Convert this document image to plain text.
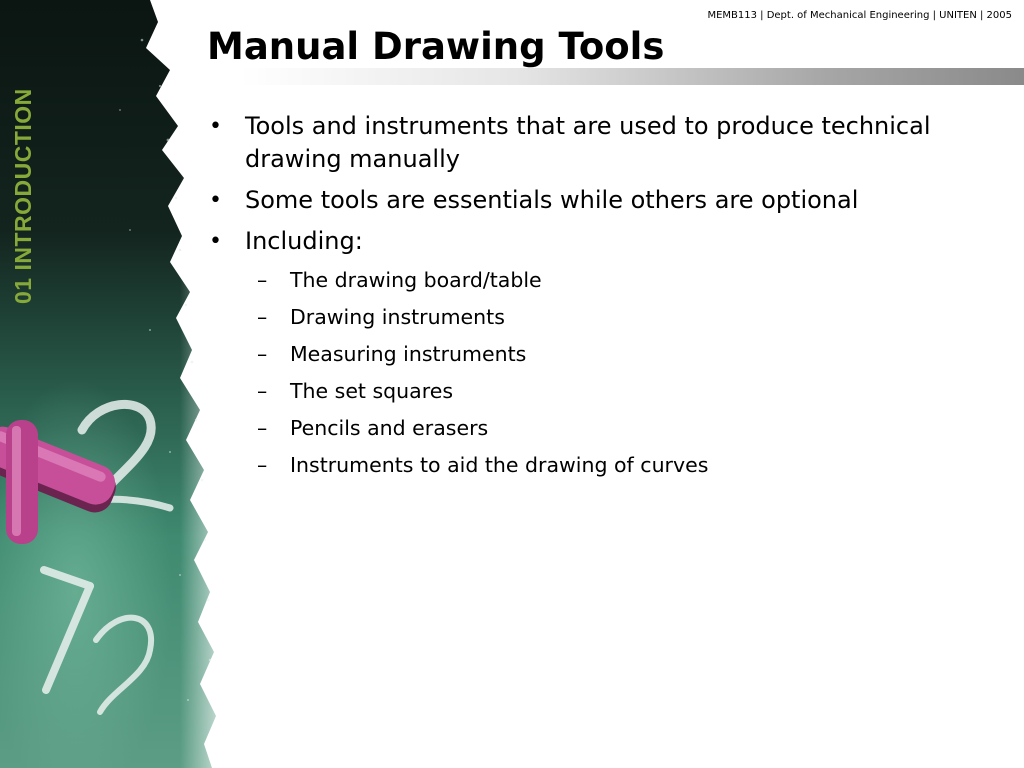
01 INTRODUCTION
MEMB113 | Dept. of Mechanical Engineering | UNITEN | 2005
Manual Drawing Tools
• Tools and instruments that are used to produce technical drawing manually
• Some tools are essentials while others are optional
• Including:
– The drawing board/table
– Drawing instruments
– Measuring instruments
– The set squares
– Pencils and erasers
– Instruments to aid the drawing of curves
